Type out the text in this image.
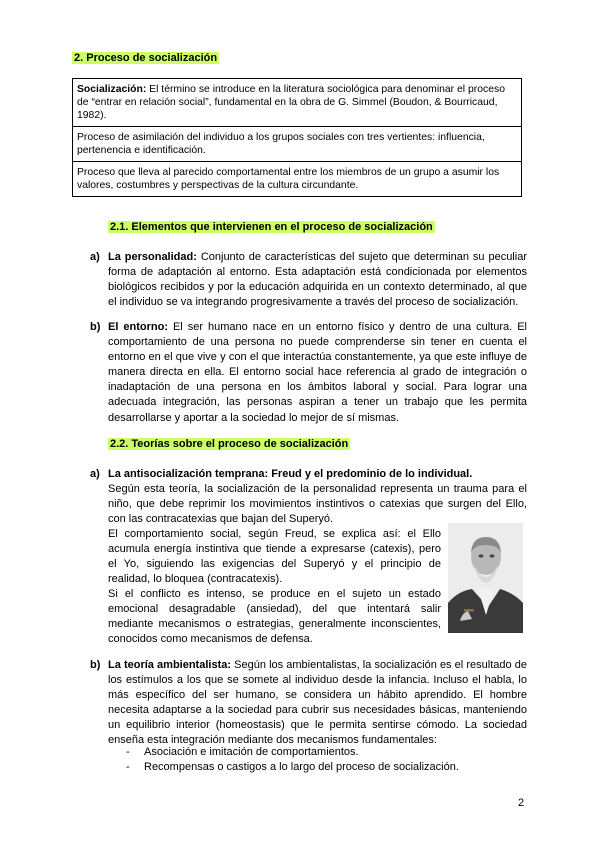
2. Proceso de socialización
Socialización: El término se introduce en la literatura sociológica para denominar el proceso de “entrar en relación social”, fundamental en la obra de G. Simmel (Boudon, & Bourricaud, 1982).
Proceso de asimilación del individuo a los grupos sociales con tres vertientes: influencia, pertenencia e identificación.
Proceso que lleva al parecido comportamental entre los miembros de un grupo a asumir los valores, costumbres y perspectivas de la cultura circundante.
2.1. Elementos que intervienen en el proceso de socialización
a) La personalidad: Conjunto de características del sujeto que determinan su peculiar forma de adaptación al entorno. Esta adaptación está condicionada por elementos biológicos recibidos y por la educación adquirida en un contexto determinado, al que el individuo se va integrando progresivamente a través del proceso de socialización.
b) El entorno: El ser humano nace en un entorno físico y dentro de una cultura. El comportamiento de una persona no puede comprenderse sin tener en cuenta el entorno en el que vive y con el que interactúa constantemente, ya que este influye de manera directa en ella. El entorno social hace referencia al grado de integración o inadaptación de una persona en los ámbitos laboral y social. Para lograr una adecuada integración, las personas aspiran a tener un trabajo que les permita desarrollarse y aportar a la sociedad lo mejor de sí mismas.
2.2. Teorías sobre el proceso de socialización
a) La antisocialización temprana: Freud y el predominio de lo individual.
Según esta teoría, la socialización de la personalidad representa un trauma para el niño, que debe reprimir los movimientos instintivos o catexias que surgen del Ello, con las contracatexias que bajan del Superyó.
El comportamiento social, según Freud, se explica así: el Ello acumula energía instintiva que tiende a expresarse (catexis), pero el Yo, siguiendo las exigencias del Superyó y el principio de realidad, lo bloquea (contracatexis).
Si el conflicto es intenso, se produce en el sujeto un estado emocional desagradable (ansiedad), del que intentará salir mediante mecanismos o estrategias, generalmente inconscientes, conocidos como mecanismos de defensa.
b) La teoría ambientalista: Según los ambientalistas, la socialización es el resultado de los estímulos a los que se somete al individuo desde la infancia. Incluso el habla, lo más específico del ser humano, se considera un hábito aprendido. El hombre necesita adaptarse a la sociedad para cubrir sus necesidades básicas, manteniendo un equilibrio interior (homeostasis) que le permita sentirse cómodo. La sociedad enseña esta integración mediante dos mecanismos fundamentales:
- Asociación e imitación de comportamientos.
- Recompensas o castigos a lo largo del proceso de socialización.
2
